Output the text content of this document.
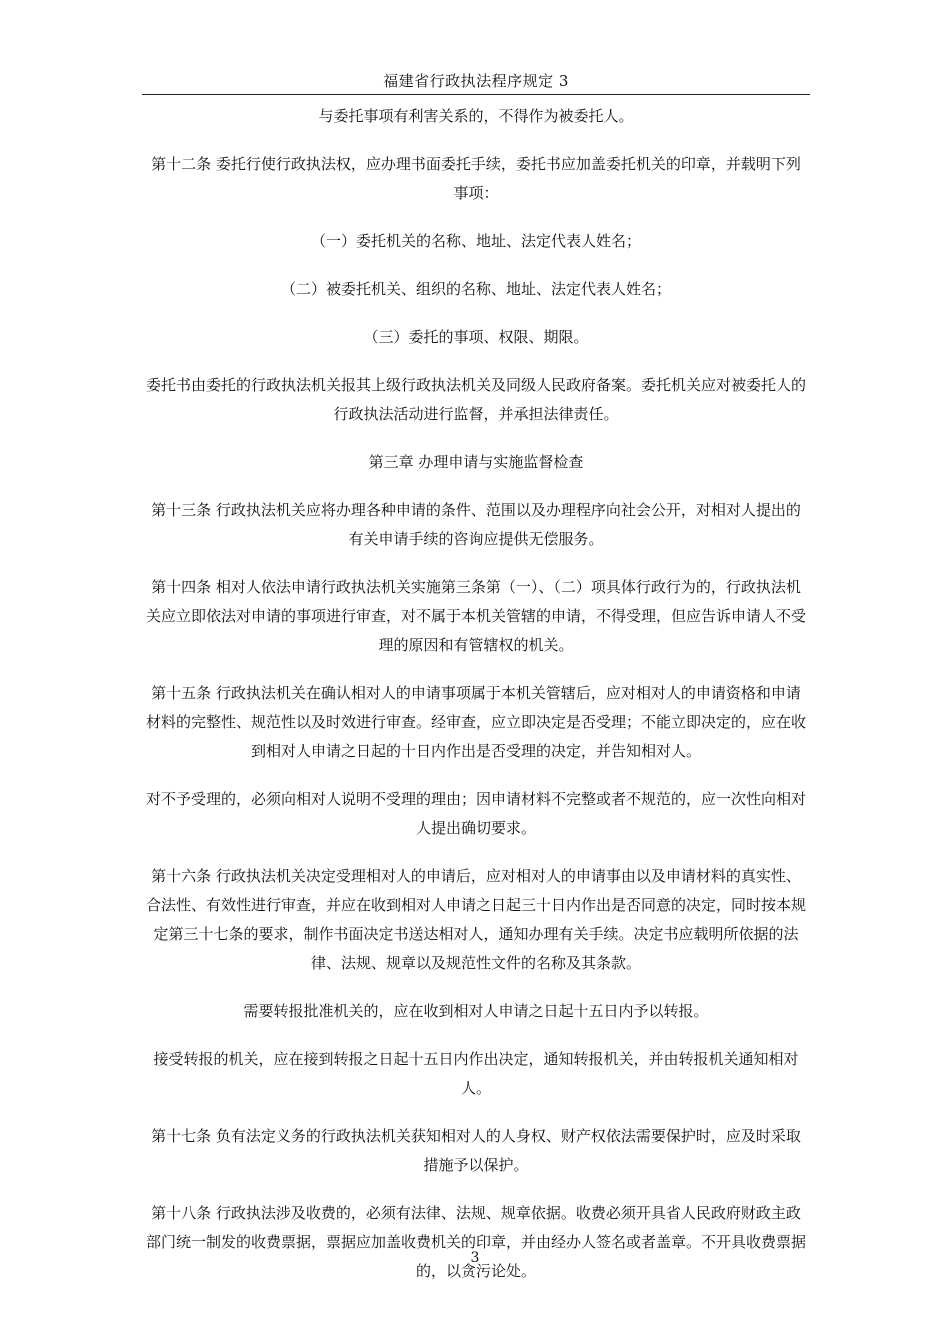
福建省行政执法程序规定 3

与委托事项有利害关系的，不得作为被委托人。

第十二条 委托行使行政执法权，应办理书面委托手续，委托书应加盖委托机关的印章，并载明下列事项：

（一）委托机关的名称、地址、法定代表人姓名；

（二）被委托机关、组织的名称、地址、法定代表人姓名；

（三）委托的事项、权限、期限。

委托书由委托的行政执法机关报其上级行政执法机关及同级人民政府备案。委托机关应对被委托人的行政执法活动进行监督，并承担法律责任。

第三章 办理申请与实施监督检查

第十三条 行政执法机关应将办理各种申请的条件、范围以及办理程序向社会公开，对相对人提出的有关申请手续的咨询应提供无偿服务。

第十四条 相对人依法申请行政执法机关实施第三条第（一）、（二）项具体行政行为的，行政执法机关应立即依法对申请的事项进行审查，对不属于本机关管辖的申请，不得受理，但应告诉申请人不受理的原因和有管辖权的机关。

第十五条 行政执法机关在确认相对人的申请事项属于本机关管辖后，应对相对人的申请资格和申请材料的完整性、规范性以及时效进行审查。经审查，应立即决定是否受理；不能立即决定的，应在收到相对人申请之日起的十日内作出是否受理的决定，并告知相对人。

对不予受理的，必须向相对人说明不受理的理由；因申请材料不完整或者不规范的，应一次性向相对人提出确切要求。

第十六条 行政执法机关决定受理相对人的申请后，应对相对人的申请事由以及申请材料的真实性、合法性、有效性进行审查，并应在收到相对人申请之日起三十日内作出是否同意的决定，同时按本规定第三十七条的要求，制作书面决定书送达相对人，通知办理有关手续。决定书应载明所依据的法律、法规、规章以及规范性文件的名称及其条款。

需要转报批准机关的，应在收到相对人申请之日起十五日内予以转报。

接受转报的机关，应在接到转报之日起十五日内作出决定，通知转报机关，并由转报机关通知相对人。

第十七条 负有法定义务的行政执法机关获知相对人的人身权、财产权依法需要保护时，应及时采取措施予以保护。

第十八条 行政执法涉及收费的，必须有法律、法规、规章依据。收费必须开具省人民政府财政主政部门统一制发的收费票据，票据应加盖收费机关的印章，并由经办人签名或者盖章。不开具收费票据的，以贪污论处。

3
